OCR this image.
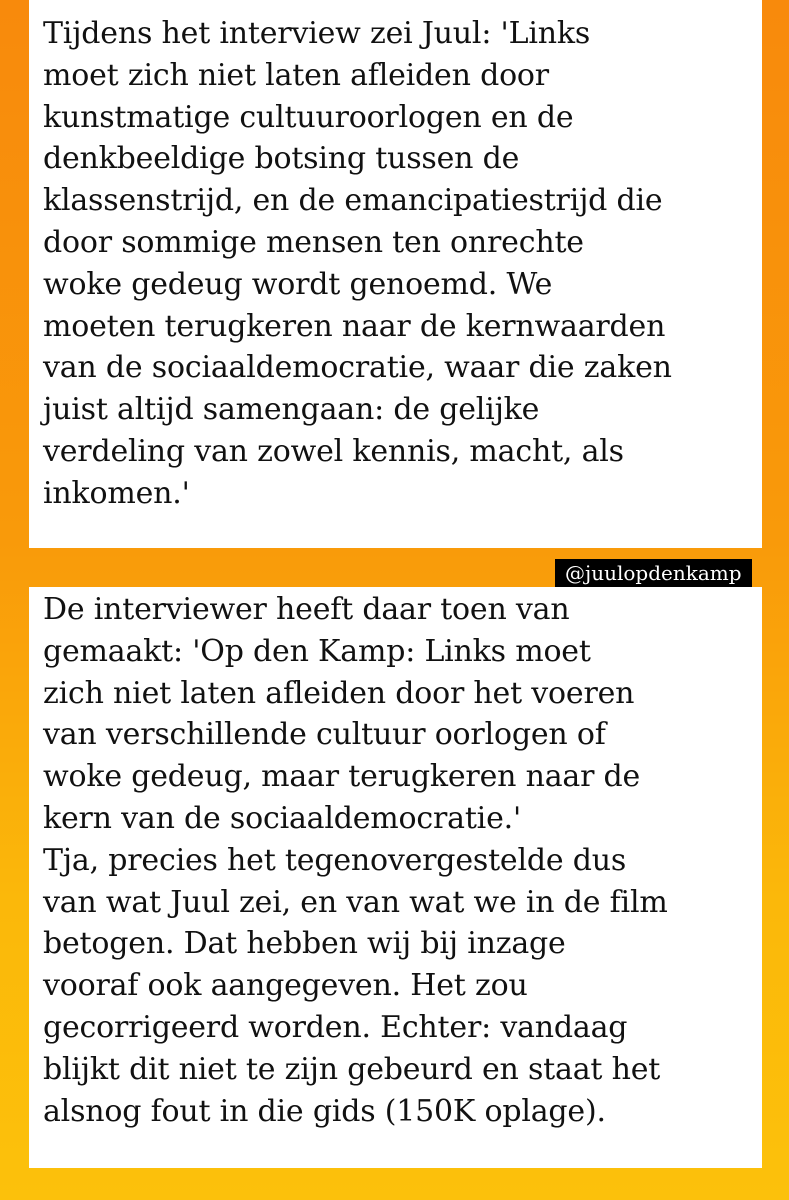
Tijdens het interview zei Juul: 'Links
moet zich niet laten afleiden door
kunstmatige cultuuroorlogen en de
denkbeeldige botsing tussen de
klassenstrijd, en de emancipatiestrijd die
door sommige mensen ten onrechte
woke gedeug wordt genoemd. We
moeten terugkeren naar de kernwaarden
van de sociaaldemocratie, waar die zaken
juist altijd samengaan: de gelijke
verdeling van zowel kennis, macht, als
inkomen.'

@juulopdenkamp

De interviewer heeft daar toen van
gemaakt: 'Op den Kamp: Links moet
zich niet laten afleiden door het voeren
van verschillende cultuur oorlogen of
woke gedeug, maar terugkeren naar de
kern van de sociaaldemocratie.'

Tja, precies het tegenovergestelde dus
van wat Juul zei, en van wat we in de film
betogen. Dat hebben wij bij inzage
vooraf ook aangegeven. Het zou
gecorrigeerd worden. Echter: vandaag
blijkt dit niet te zijn gebeurd en staat het
alsnog fout in die gids (150K oplage).
